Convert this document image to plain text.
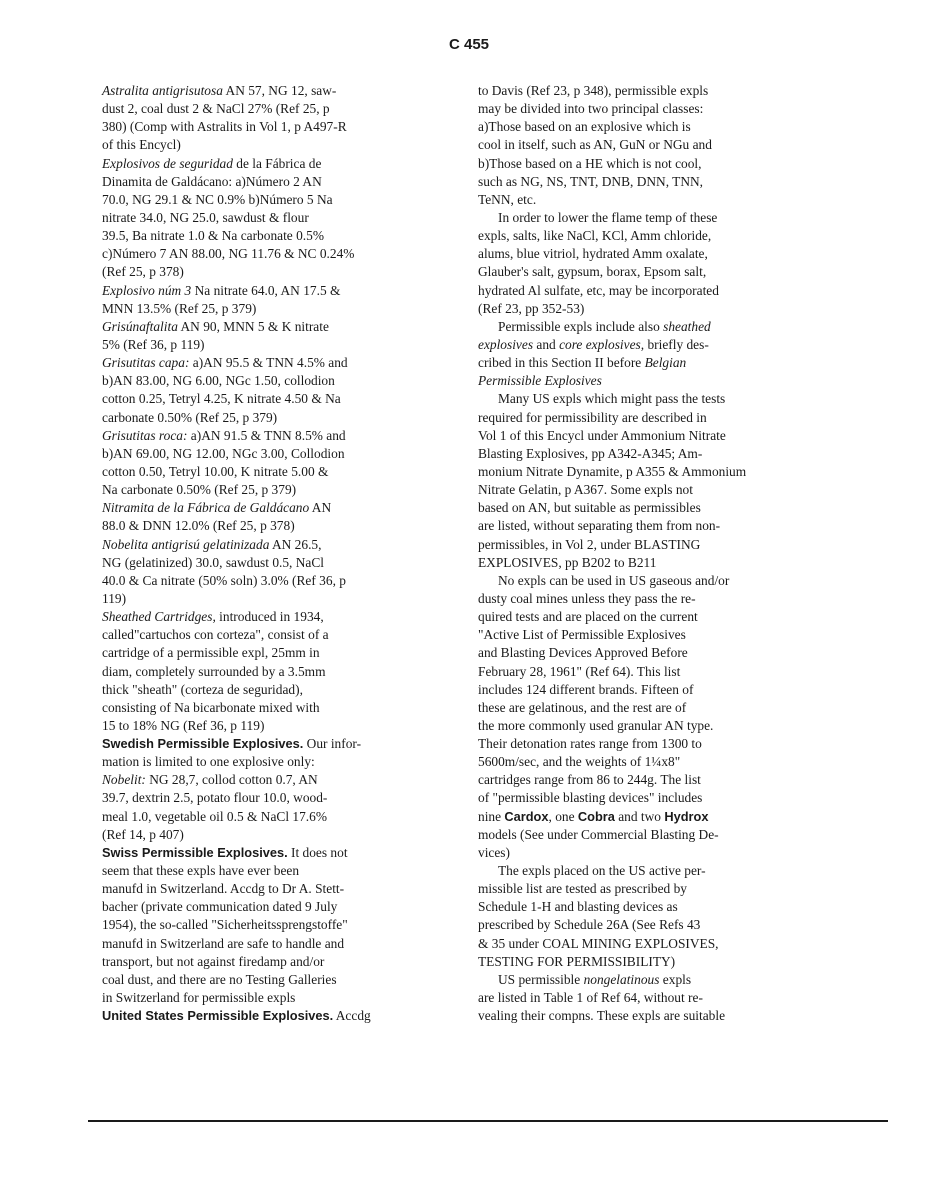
C 455
Astralita antigrisutosa AN 57, NG 12, saw-
dust 2, coal dust 2 & NaCl 27% (Ref 25, p
380) (Comp with Astralits in Vol 1, p A497-R
of this Encycl)
Explosivos de seguridad de la Fábrica de
Dinamita de Galdácano: a)Número 2 AN
70.0, NG 29.1 & NC 0.9% b)Número 5 Na
nitrate 34.0, NG 25.0, sawdust & flour
39.5, Ba nitrate 1.0 & Na carbonate 0.5%
c)Número 7 AN 88.00, NG 11.76 & NC 0.24%
(Ref 25, p 378)
Explosivo núm 3 Na nitrate 64.0, AN 17.5 &
MNN 13.5% (Ref 25, p 379)
Grisúnaftalita AN 90, MNN 5 & K nitrate
5% (Ref 36, p 119)
Grisutitas capa: a)AN 95.5 & TNN 4.5% and
b)AN 83.00, NG 6.00, NGc 1.50, collodion
cotton 0.25, Tetryl 4.25, K nitrate 4.50 & Na
carbonate 0.50% (Ref 25, p 379)
Grisutitas roca: a)AN 91.5 & TNN 8.5% and
b)AN 69.00, NG 12.00, NGc 3.00, Collodion
cotton 0.50, Tetryl 10.00, K nitrate 5.00 &
Na carbonate 0.50% (Ref 25, p 379)
Nitramita de la Fábrica de Galdácano AN
88.0 & DNN 12.0% (Ref 25, p 378)
Nobelita antigrisú gelatinizada AN 26.5,
NG (gelatinized) 30.0, sawdust 0.5, NaCl
40.0 & Ca nitrate (50% soln) 3.0% (Ref 36, p
119)
Sheathed Cartridges, introduced in 1934,
called"cartuchos con corteza", consist of a
cartridge of a permissible expl, 25mm in
diam, completely surrounded by a 3.5mm
thick "sheath" (corteza de seguridad),
consisting of Na bicarbonate mixed with
15 to 18% NG (Ref 36, p 119)
Swedish Permissible Explosives. Our infor-
mation is limited to one explosive only:
Nobelit: NG 28,7, collod cotton 0.7, AN
39.7, dextrin 2.5, potato flour 10.0, wood-
meal 1.0, vegetable oil 0.5 & NaCl 17.6%
(Ref 14, p 407)
Swiss Permissible Explosives. It does not
seem that these expls have ever been
manufd in Switzerland. Accdg to Dr A. Stett-
bacher (private communication dated 9 July
1954), the so-called "Sicherheitssprengstoffe"
manufd in Switzerland are safe to handle and
transport, but not against firedamp and/or
coal dust, and there are no Testing Galleries
in Switzerland for permissible expls
United States Permissible Explosives. Accdg
to Davis (Ref 23, p 348), permissible expls
may be divided into two principal classes:
a)Those based on an explosive which is
cool in itself, such as AN, GuN or NGu and
b)Those based on a HE which is not cool,
such as NG, NS, TNT, DNB, DNN, TNN,
TeNN, etc.
In order to lower the flame temp of these
expls, salts, like NaCl, KCl, Amm chloride,
alums, blue vitriol, hydrated Amm oxalate,
Glauber's salt, gypsum, borax, Epsom salt,
hydrated Al sulfate, etc, may be incorporated
(Ref 23, pp 352-53)
Permissible expls include also sheathed
explosives and core explosives, briefly des-
cribed in this Section II before Belgian
Permissible Explosives
Many US expls which might pass the tests
required for permissibility are described in
Vol 1 of this Encycl under Ammonium Nitrate
Blasting Explosives, pp A342-A345; Am-
monium Nitrate Dynamite, p A355 & Ammonium
Nitrate Gelatin, p A367. Some expls not
based on AN, but suitable as permissibles
are listed, without separating them from non-
permissibles, in Vol 2, under BLASTING
EXPLOSIVES, pp B202 to B211
No expls can be used in US gaseous and/or
dusty coal mines unless they pass the re-
quired tests and are placed on the current
"Active List of Permissible Explosives
and Blasting Devices Approved Before
February 28, 1961" (Ref 64). This list
includes 124 different brands. Fifteen of
these are gelatinous, and the rest are of
the more commonly used granular AN type.
Their detonation rates range from 1300 to
5600m/sec, and the weights of 1¼x8"
cartridges range from 86 to 244g. The list
of "permissible blasting devices" includes
nine Cardox, one Cobra and two Hydrox
models (See under Commercial Blasting De-
vices)
The expls placed on the US active per-
missible list are tested as prescribed by
Schedule 1-H and blasting devices as
prescribed by Schedule 26A (See Refs 43
& 35 under COAL MINING EXPLOSIVES,
TESTING FOR PERMISSIBILITY)
US permissible nongelatinous expls
are listed in Table 1 of Ref 64, without re-
vealing their compns. These expls are suitable
